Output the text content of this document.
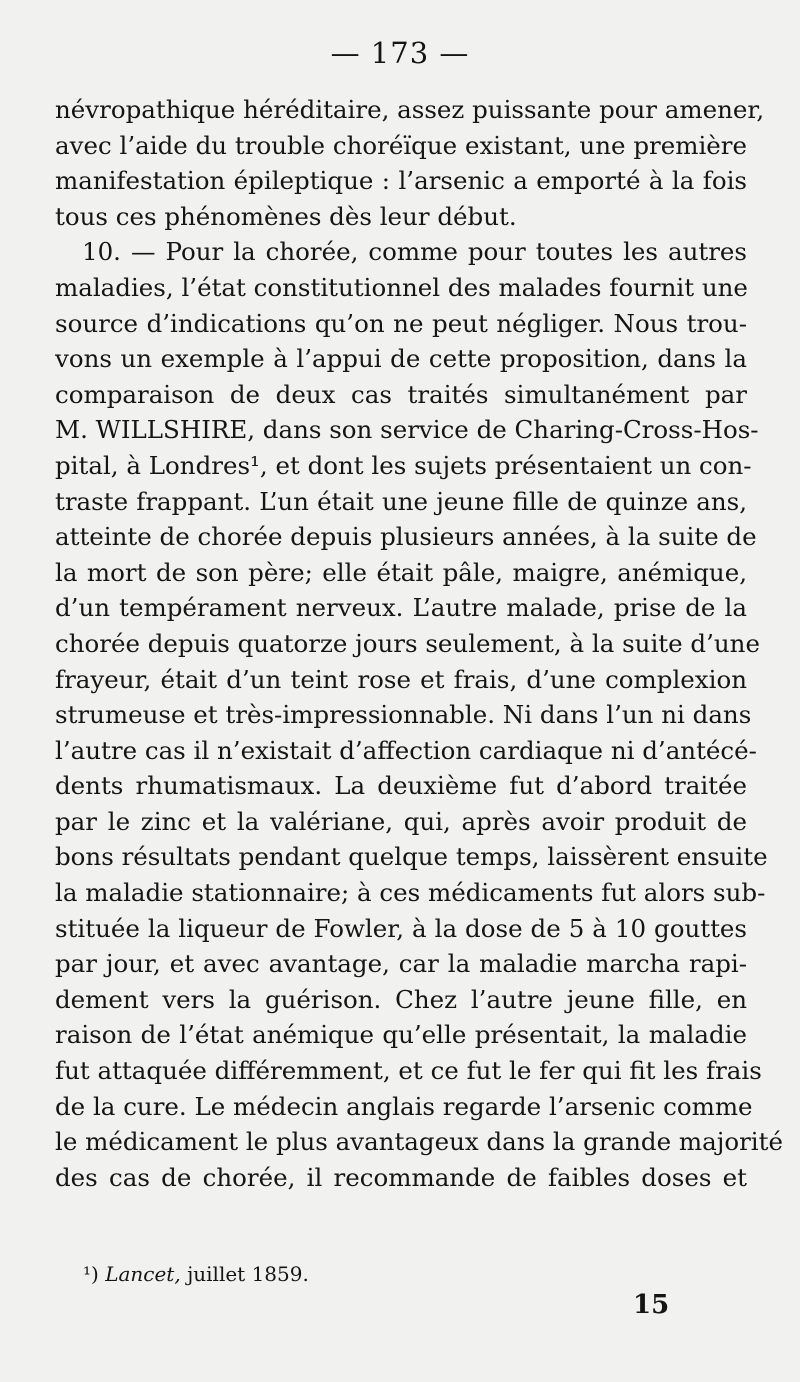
— 173 —
névropathique héréditaire, assez puissante pour amener,
avec l’aide du trouble choréïque existant, une première
manifestation épileptique : l’arsenic a emporté à la fois
tous ces phénomènes dès leur début.
10. — Pour la chorée, comme pour toutes les autres
maladies, l’état constitutionnel des malades fournit une
source d’indications qu’on ne peut négliger. Nous trou-
vons un exemple à l’appui de cette proposition, dans la
comparaison de deux cas traités simultanément par
M. WILLSHIRE, dans son service de Charing-Cross-Hos-
pital, à Londres¹, et dont les sujets présentaient un con-
traste frappant. L’un était une jeune fille de quinze ans,
atteinte de chorée depuis plusieurs années, à la suite de
la mort de son père; elle était pâle, maigre, anémique,
d’un tempérament nerveux. L’autre malade, prise de la
chorée depuis quatorze jours seulement, à la suite d’une
frayeur, était d’un teint rose et frais, d’une complexion
strumeuse et très-impressionnable. Ni dans l’un ni dans
l’autre cas il n’existait d’affection cardiaque ni d’antécé-
dents rhumatismaux. La deuxième fut d’abord traitée
par le zinc et la valériane, qui, après avoir produit de
bons résultats pendant quelque temps, laissèrent ensuite
la maladie stationnaire; à ces médicaments fut alors sub-
stituée la liqueur de Fowler, à la dose de 5 à 10 gouttes
par jour, et avec avantage, car la maladie marcha rapi-
dement vers la guérison. Chez l’autre jeune fille, en
raison de l’état anémique qu’elle présentait, la maladie
fut attaquée différemment, et ce fut le fer qui fit les frais
de la cure. Le médecin anglais regarde l’arsenic comme
le médicament le plus avantageux dans la grande majorité
des cas de chorée, il recommande de faibles doses et
¹) Lancet, juillet 1859.
15
